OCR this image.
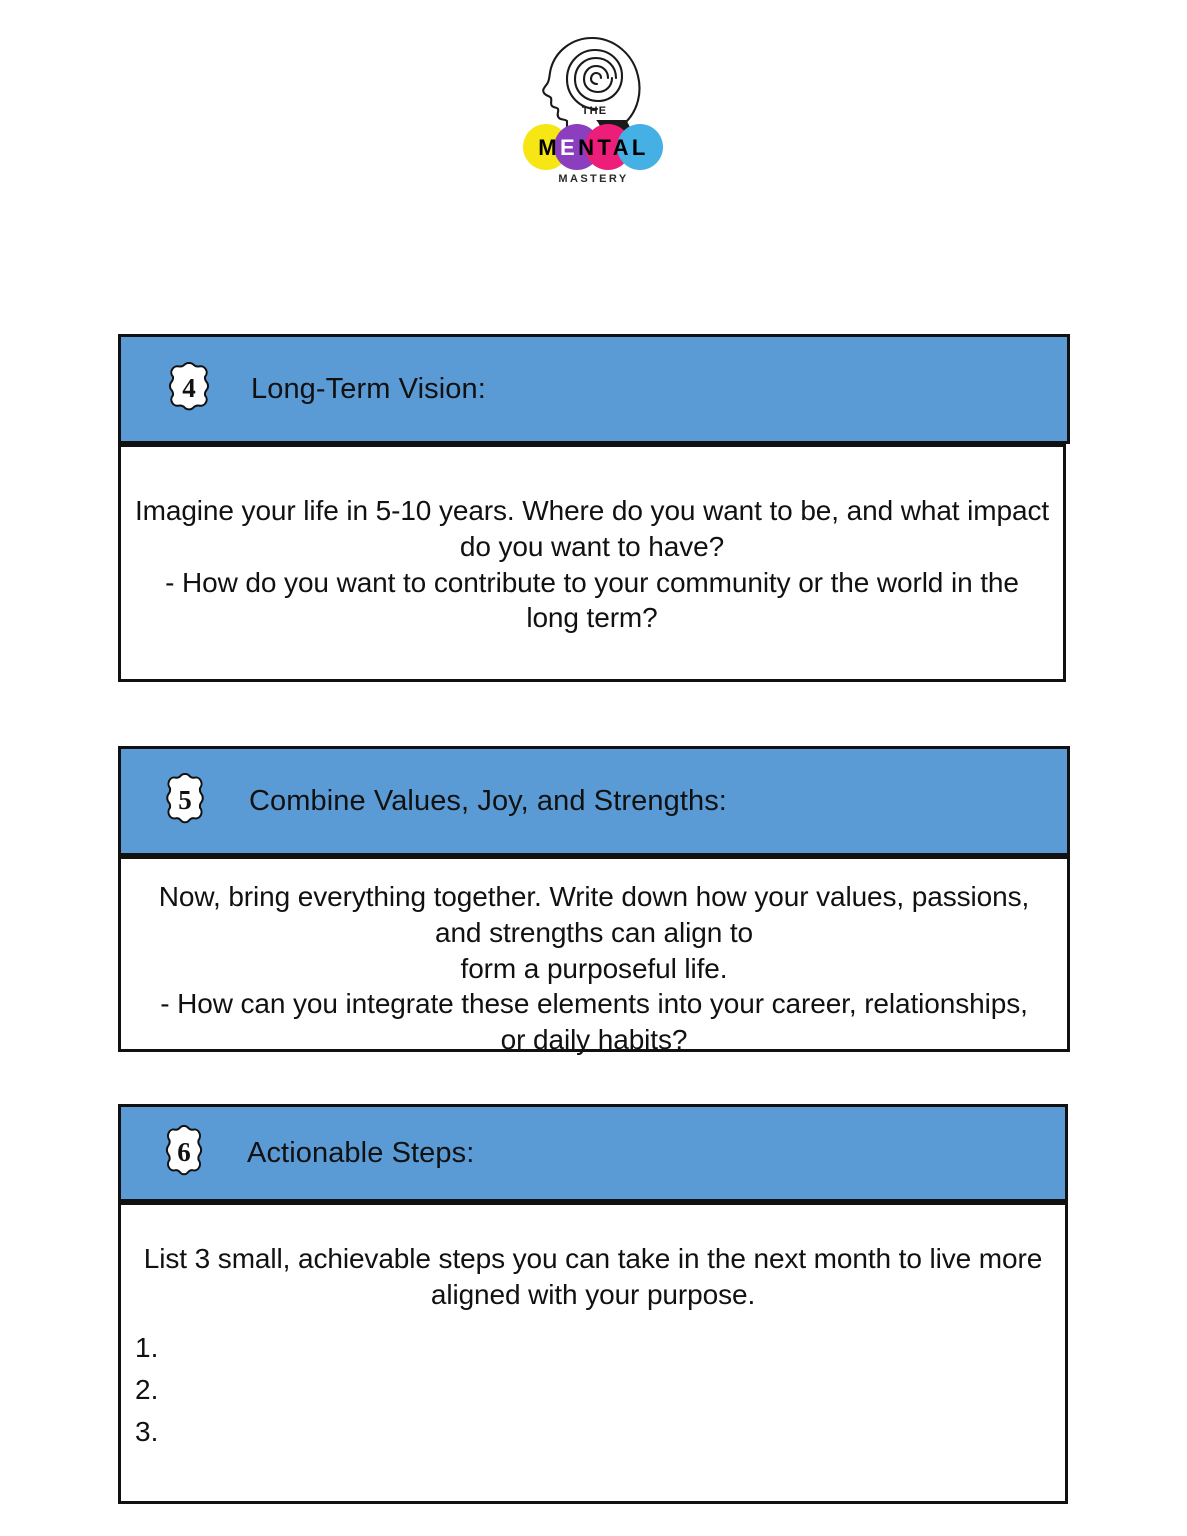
THE
MENTAL
MASTERY
4	Long-Term Vision:
Imagine your life in 5-10 years. Where do you want to be, and what impact
do you want to have?
- How do you want to contribute to your community or the world in the
long term?
5	Combine Values, Joy, and Strengths:
Now, bring everything together. Write down how your values, passions,
and strengths can align to
form a purposeful life.
- How can you integrate these elements into your career, relationships,
or daily habits?
6	Actionable Steps:
List 3 small, achievable steps you can take in the next month to live more
aligned with your purpose.
1.
2.
3.
